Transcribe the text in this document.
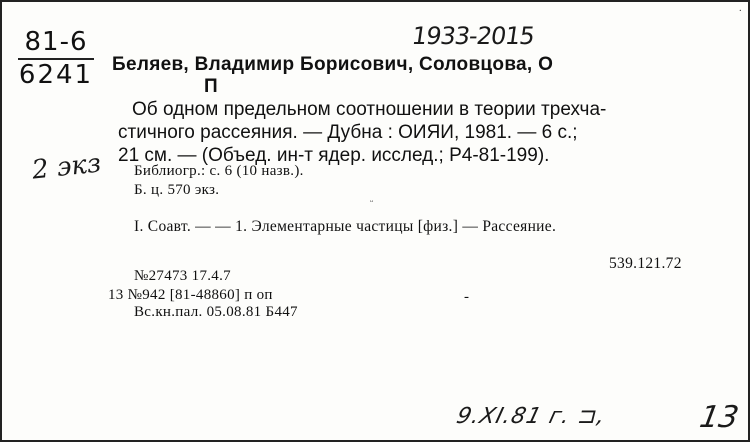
·
81-6
6241
1933-2015
Беляев, Владимир Борисович, Соловцова, О
П
Об одном предельном соотношении в теории трехча-
стичного рассеяния. — Дубна : ОИЯИ, 1981. — 6 с.;
21 см. — (Объед. ин-т ядер. исслед.; Р4-81-199).
2 экз Библиогр.: с. 6 (10 назв.).
Б. ц. 570 экз.
ᵕ
I. Соавт. — — 1. Элементарные частицы [физ.] — Рассеяние.
539.121.72
№27473 17.4.7
13 №942 [81-48860] п оп	-
Вс.кн.пал. 05.08.81 Б447
9.XI.81 г. ⊐,	13
